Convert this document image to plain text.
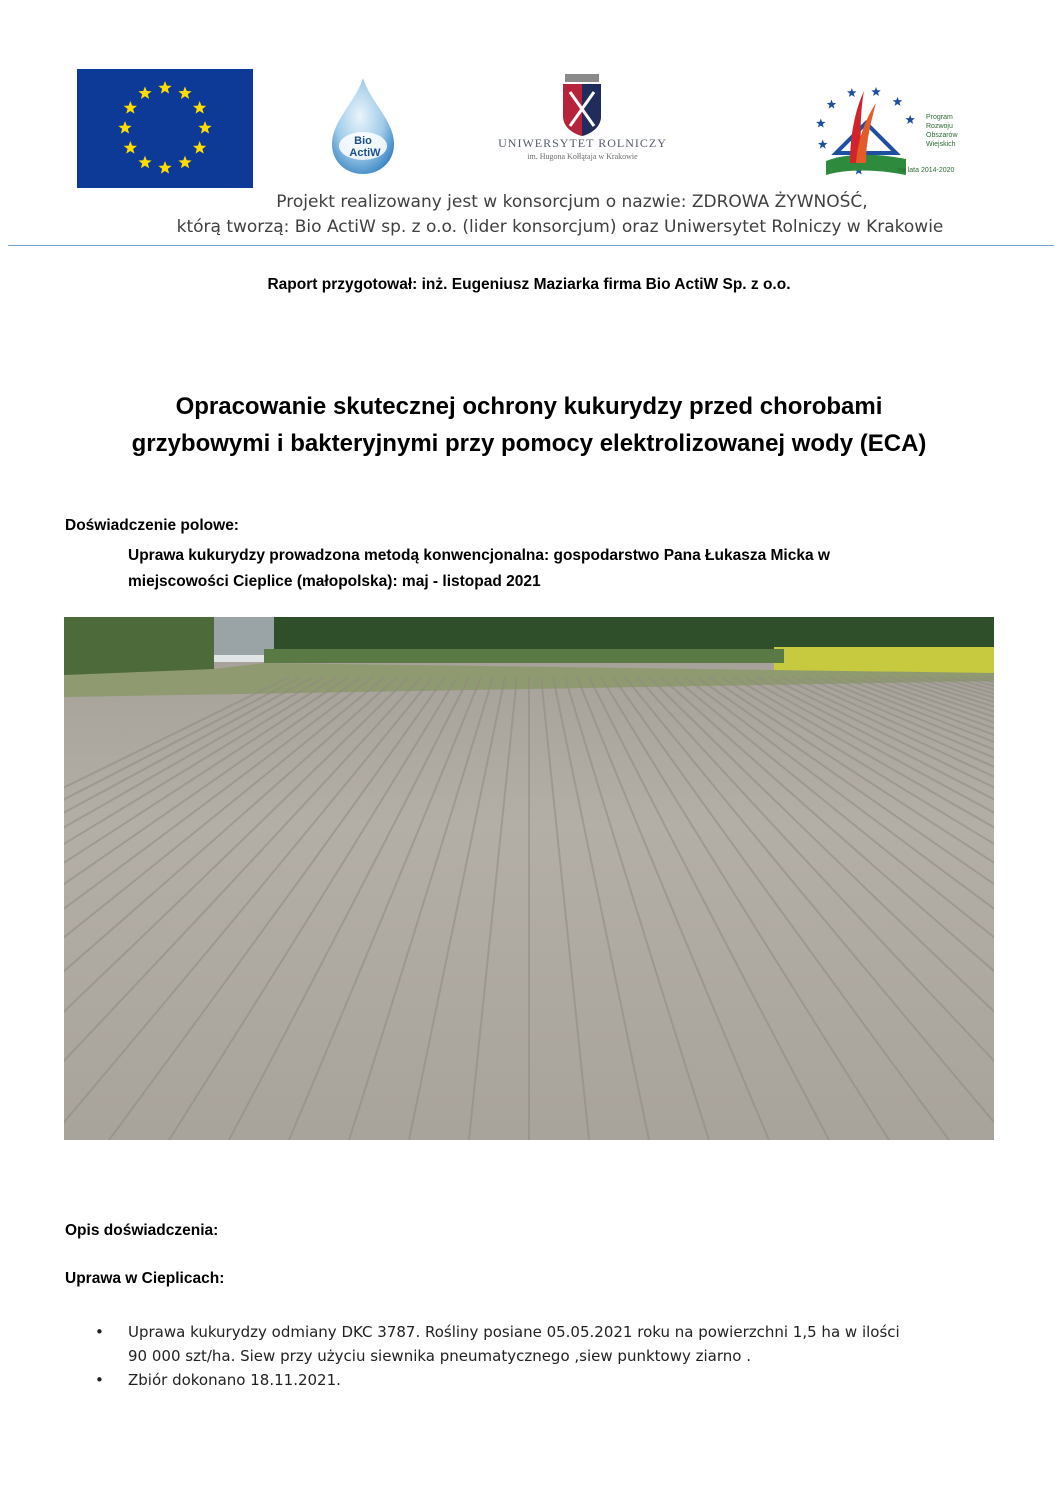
Bio
ActiW
UNIWERSYTET ROLNICZY
im. Hugona Kołłątaja w Krakowie
Program Rozwoju Obszarów Wiejskich
na lata 2014-2020
Projekt realizowany jest w konsorcjum o nazwie: ZDROWA ŻYWNOŚĆ,
którą tworzą: Bio ActiW sp. z o.o. (lider konsorcjum) oraz Uniwersytet Rolniczy w Krakowie
Raport przygotował: inż. Eugeniusz Maziarka firma Bio ActiW Sp. z o.o.
Opracowanie skutecznej ochrony kukurydzy przed chorobami
grzybowymi i bakteryjnymi przy pomocy elektrolizowanej wody (ECA)
Doświadczenie polowe:
Uprawa kukurydzy prowadzona metodą konwencjonalna: gospodarstwo Pana Łukasza Micka w
miejscowości Cieplice (małopolska): maj - listopad 2021
Opis doświadczenia:
Uprawa w Cieplicach:
• Uprawa kukurydzy odmiany DKC 3787. Rośliny posiane 05.05.2021 roku na powierzchni 1,5 ha w ilości
90 000 szt/ha. Siew przy użyciu siewnika pneumatycznego ,siew punktowy ziarno .
• Zbiór dokonano 18.11.2021.
